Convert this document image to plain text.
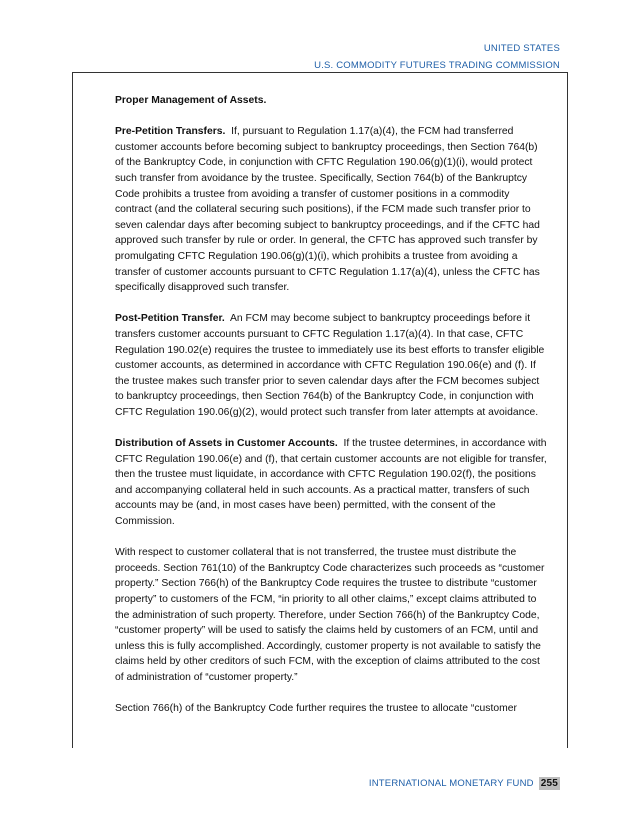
UNITED STATES
U.S. COMMODITY FUTURES TRADING COMMISSION

Proper Management of Assets.

Pre-Petition Transfers. If, pursuant to Regulation 1.17(a)(4), the FCM had transferred customer accounts before becoming subject to bankruptcy proceedings, then Section 764(b) of the Bankruptcy Code, in conjunction with CFTC Regulation 190.06(g)(1)(i), would protect such transfer from avoidance by the trustee. Specifically, Section 764(b) of the Bankruptcy Code prohibits a trustee from avoiding a transfer of customer positions in a commodity contract (and the collateral securing such positions), if the FCM made such transfer prior to seven calendar days after becoming subject to bankruptcy proceedings, and if the CFTC had approved such transfer by rule or order. In general, the CFTC has approved such transfer by promulgating CFTC Regulation 190.06(g)(1)(i), which prohibits a trustee from avoiding a transfer of customer accounts pursuant to CFTC Regulation 1.17(a)(4), unless the CFTC has specifically disapproved such transfer.

Post-Petition Transfer. An FCM may become subject to bankruptcy proceedings before it transfers customer accounts pursuant to CFTC Regulation 1.17(a)(4). In that case, CFTC Regulation 190.02(e) requires the trustee to immediately use its best efforts to transfer eligible customer accounts, as determined in accordance with CFTC Regulation 190.06(e) and (f). If the trustee makes such transfer prior to seven calendar days after the FCM becomes subject to bankruptcy proceedings, then Section 764(b) of the Bankruptcy Code, in conjunction with CFTC Regulation 190.06(g)(2), would protect such transfer from later attempts at avoidance.

Distribution of Assets in Customer Accounts. If the trustee determines, in accordance with CFTC Regulation 190.06(e) and (f), that certain customer accounts are not eligible for transfer, then the trustee must liquidate, in accordance with CFTC Regulation 190.02(f), the positions and accompanying collateral held in such accounts. As a practical matter, transfers of such accounts may be (and, in most cases have been) permitted, with the consent of the Commission.

With respect to customer collateral that is not transferred, the trustee must distribute the proceeds. Section 761(10) of the Bankruptcy Code characterizes such proceeds as “customer property.” Section 766(h) of the Bankruptcy Code requires the trustee to distribute “customer property” to customers of the FCM, “in priority to all other claims,” except claims attributed to the administration of such property. Therefore, under Section 766(h) of the Bankruptcy Code, “customer property” will be used to satisfy the claims held by customers of an FCM, until and unless this is fully accomplished. Accordingly, customer property is not available to satisfy the claims held by other creditors of such FCM, with the exception of claims attributed to the cost of administration of “customer property.”

Section 766(h) of the Bankruptcy Code further requires the trustee to allocate “customer

INTERNATIONAL MONETARY FUND 255
